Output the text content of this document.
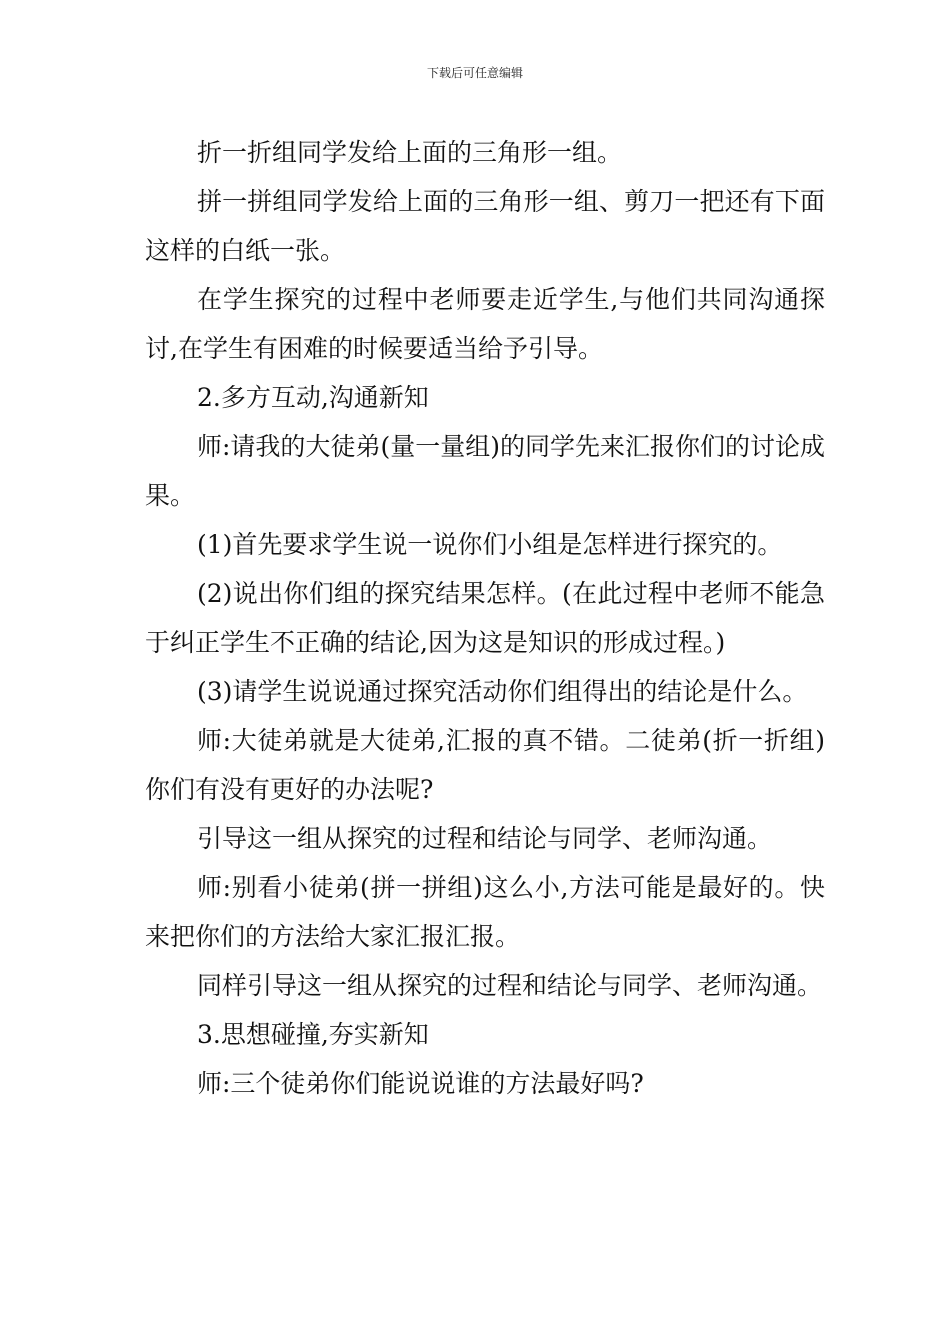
下载后可任意编辑

折一折组同学发给上面的三角形一组。

拼一拼组同学发给上面的三角形一组、剪刀一把还有下面这样的白纸一张。

在学生探究的过程中老师要走近学生,与他们共同沟通探讨,在学生有困难的时候要适当给予引导。

2.多方互动,沟通新知

师:请我的大徒弟(量一量组)的同学先来汇报你们的讨论成果。

(1)首先要求学生说一说你们小组是怎样进行探究的。

(2)说出你们组的探究结果怎样。(在此过程中老师不能急于纠正学生不正确的结论,因为这是知识的形成过程。)

(3)请学生说说通过探究活动你们组得出的结论是什么。

师:大徒弟就是大徒弟,汇报的真不错。二徒弟(折一折组)你们有没有更好的办法呢?

引导这一组从探究的过程和结论与同学、老师沟通。

师:别看小徒弟(拼一拼组)这么小,方法可能是最好的。快来把你们的方法给大家汇报汇报。

同样引导这一组从探究的过程和结论与同学、老师沟通。

3.思想碰撞,夯实新知

师:三个徒弟你们能说说谁的方法最好吗?
